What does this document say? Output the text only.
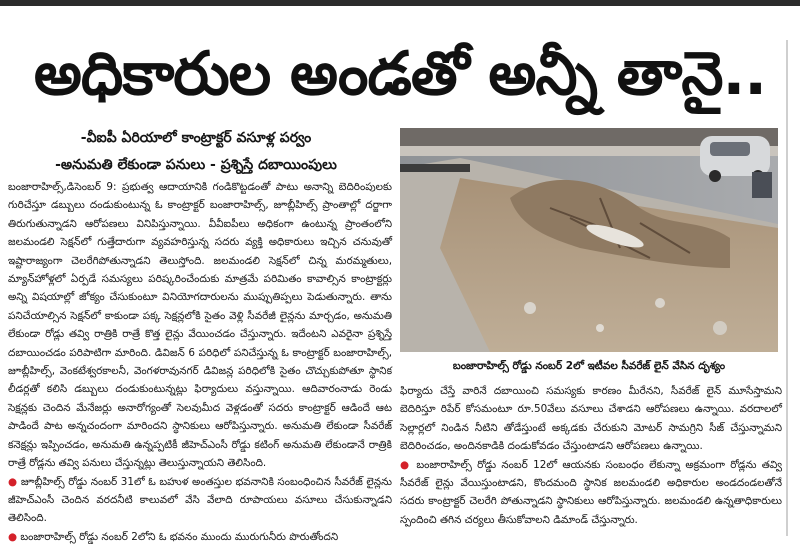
అధికారుల అండతో అన్నీ తానై..
-వీఐపీ ఏరియాలో కాంట్రాక్టర్ వసూళ్ల పర్వం
-అనుమతి లేకుండా పనులు - ప్రశ్నిస్తే దబాయింపులు

బంజారాహిల్స్,డిసెంబర్ 9: ప్రభుత్వ ఆదాయానికి గండికొట్టడంతో పాటు అనాన్ని బెదిరింపులకు గురిచేస్తూ డబ్బులు దండుకుంటున్న ఓ కాంట్రాక్టర్ బంజారాహిల్స్, జూబ్లీహిల్స్ ప్రాంతాల్లో దర్జాగా తిరుగుతున్నాడని ఆరోపణలు వినిపిస్తున్నాయి. వీవీఐపీలు అధికంగా ఉంటున్న ప్రాంతంలోని జలమండలి సెక్షన్‌లో గుత్తేదారుగా వ్యవహరిస్తున్న సదరు వ్యక్తి అధికారులు ఇచ్చిన చనువుతో ఇష్టారాజ్యంగా చెలరేగిపోతున్నాడని తెలుస్తోంది. జలమండలి సెక్షన్‌లో చిన్న మరమ్మతులు, మ్యాన్‌హోళ్లలో ఏర్పడే సమస్యలు పరిష్కరించేందుకు మాత్రమే పరిమితం కావాల్సిన కాంట్రాక్టర్లు అన్ని విషయాల్లో జోక్యం చేసుకుంటూ వినియోగదారులను ముప్పుతిప్పలు పెడుతున్నారు. తాను పనిచేయాల్సిన సెక్షన్‌లో కాకుండా పక్క సెక్షన్లలోకి సైతం వెళ్లి సీవరేజీ లైన్లను మార్చడం, అనుమతి లేకుండా రోడ్లు తవ్వి రాత్రికి రాత్రే కొత్త లైన్లు వేయించడం చేస్తున్నారు. ఇదేంటని ఎవరైనా ప్రశ్నిస్తే దబాయించడం పరిపాటిగా మారింది. డివిజన్ 6 పరిధిలో పనిచేస్తున్న ఓ కాంట్రాక్టర్ బంజారాహిల్స్, జూబ్లీహిల్స్, వెంకటేశ్వరకాలనీ, వెంగళరావునగర్ డివిజన్ల పరిధిలోకి సైతం చొచ్చుకుపోతూ స్థానిక లీడర్లతో కలిసి డబ్బులు దండుకుంటున్నట్లు ఫిర్యాదులు వస్తున్నాయి. ఆదివారంనాడు రెండు సెక్షన్లకు చెందిన మేనేజర్లు అనారోగ్యంతో సెలవుమీద వెళ్లడంతో సదరు కాంట్రాక్టర్ ఆడిందే ఆట పాడిందే పాట అన్నచందంగా మారిందని స్థానికులు ఆరోపిస్తున్నారు. అనుమతి లేకుండా సీవరేజ్ కనెక్షన్లు ఇప్పించడం, అనుమతి ఉన్నప్పటికీ జీహెచ్‌ఎంసీ రోడ్డు కటింగ్ అనుమతి లేకుండానే రాత్రికి రాత్రే రోడ్లను తవ్వి పనులు చేస్తున్నట్లు తెలుస్తున్నాయని తెలిసింది.

● జూబ్లీహిల్స్ రోడ్డు నంబర్ 31లో ఓ బహుళ అంతస్తుల భవనానికి సంబంధించిన సీవరేజ్ లైన్లను జీహెచ్‌ఎంసీ చెందిన వరదనీటి కాలువలో వేసి వేలాది రూపాయలు వసూలు చేసుకున్నాడని తెలిసింది.

● బంజారాహిల్స్ రోడ్డు నంబర్ 2లోని ఓ భవనం ముందు మురుగునీరు పొరుతోందని

బంజారాహిల్స్ రోడ్డు నంబర్ 2లో ఇటీవల సీవరేజ్ లైన్ వేసిన దృశ్యం

ఫిర్యాదు చేస్తే వారినే దబాయించి సమస్యకు కారణం మీరేనని, సీవరేజ్ లైన్ మూసేస్తామని బెదిరిస్తూ రిపేర్ కోసమంటూ రూ.50వేలు వసూలు చేశాడని ఆరోపణలు ఉన్నాయి. వరదాలలో సెల్లార్లలో నిండిన నీటిని తోడేస్తుంటే అక్కడకు చేరుకుని మోటర్ సామగ్రిని సీజ్ చేస్తున్నామని బెదిరించడం, అందినకాడికి దండుకోవడం చేస్తుంటాడని ఆరోపణలు ఉన్నాయి.

● బంజారాహిల్స్ రోడ్డు నంబర్ 12లో ఆయనకు సంబంధం లేకున్నా అక్రమంగా రోడ్లను తవ్వి సీవరేజ్ లైన్లు వేయిస్తుంటాడని, కొందమంది స్థానిక జలమండలి అధికారుల అండదండలతోనే సదరు కాంట్రాక్టర్ చెలరేగి పోతున్నాడని స్థానికులు ఆరోపిస్తున్నారు. జలమండలి ఉన్నతాధికారులు స్పందించి తగిన చర్యలు తీసుకోవాలని డిమాండ్ చేస్తున్నారు.
